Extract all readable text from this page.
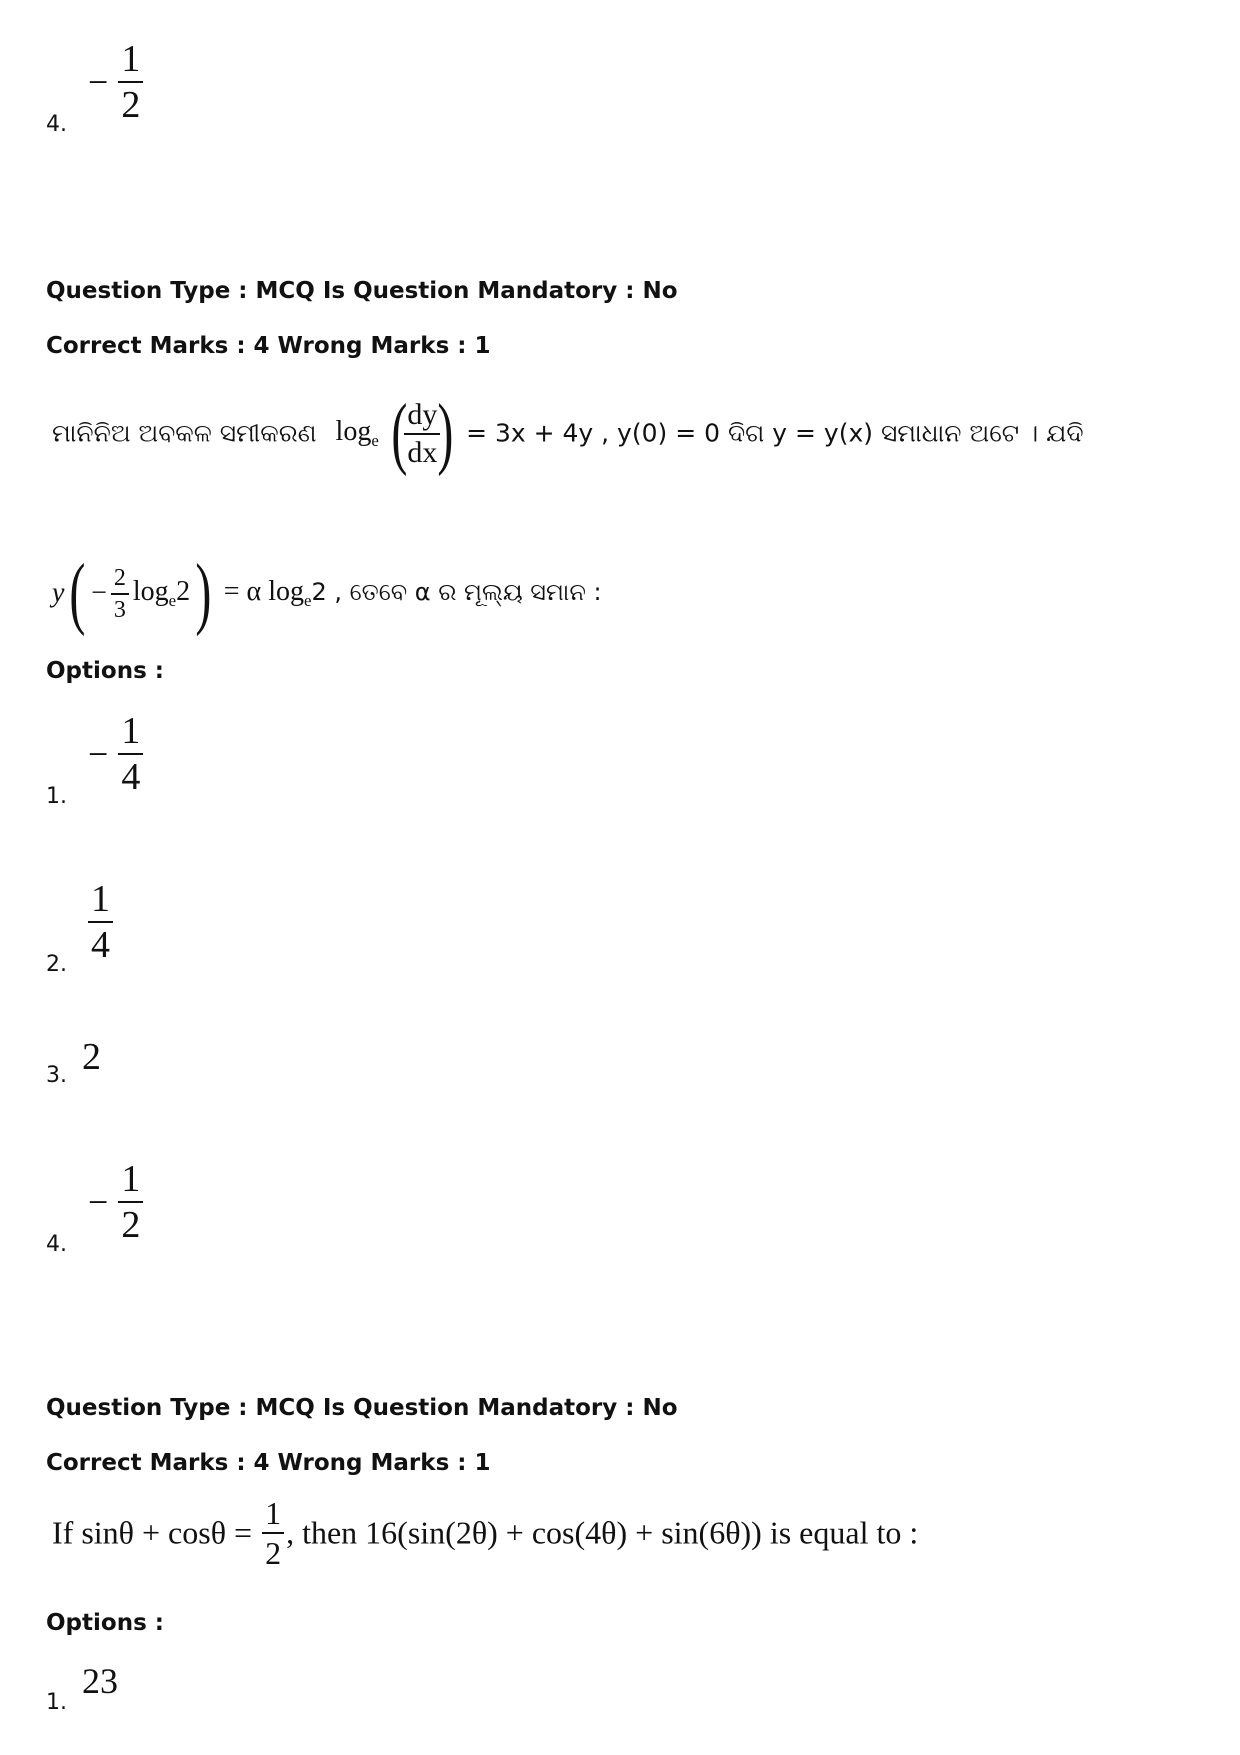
4.
− $\frac{1}{2}$
Question Type : MCQ Is Question Mandatory : No
Correct Marks : 4 Wrong Marks : 1
ମାନିନିଅ ଅବକଳ ସମୀକରଣ $\log_e$ (
$\frac{dy}{dx}$
) = 3x + 4y , y(0) = 0 ଦିଗ y = y(x) ସମାଧାନ ଅଟେ । ଯଦି
$y( - \frac{2}{3} \log_e2) = \alpha$ $\log_e2$ , ତେବେ α ର ମୂଲ୍ୟ ସମାନ :
Options :
1.
− $\frac{1}{4}$
2.
$\frac{1}{4}$
3. 2
4.
− $\frac{1}{2}$
Question Type : MCQ Is Question Mandatory : No
Correct Marks : 4 Wrong Marks : 1
If $\sin\theta + \cos\theta = \frac{1}{2}$ , then 16(sin(2θ) + cos(4θ) + sin(6θ)) is equal to :
Options :
1.
23
